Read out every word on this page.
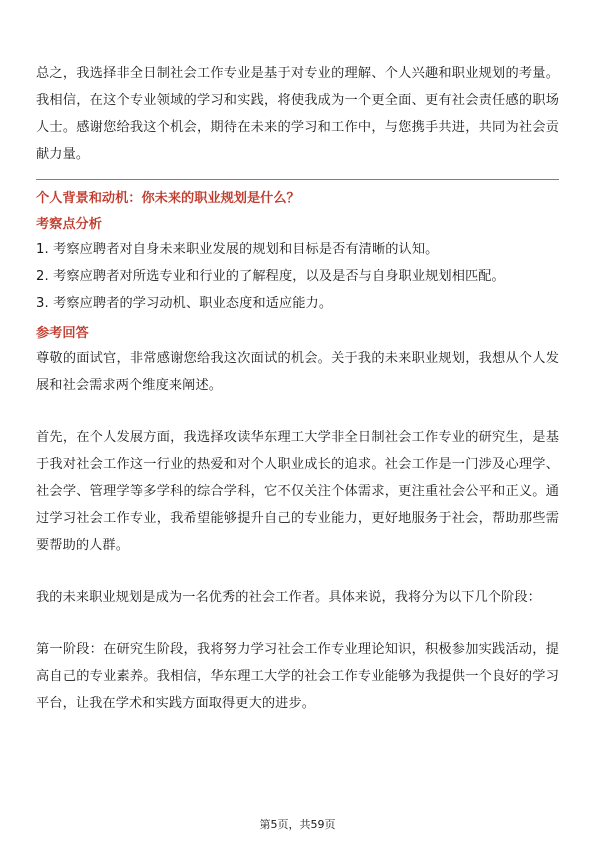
总之，我选择非全日制社会工作专业是基于对专业的理解、个人兴趣和职业规划的考量。我相信，在这个专业领域的学习和实践，将使我成为一个更全面、更有社会责任感的职场人士。感谢您给我这个机会，期待在未来的学习和工作中，与您携手共进，共同为社会贡献力量。

个人背景和动机：你未来的职业规划是什么？
考察点分析

1. 考察应聘者对自身未来职业发展的规划和目标是否有清晰的认知。

2. 考察应聘者对所选专业和行业的了解程度，以及是否与自身职业规划相匹配。

3. 考察应聘者的学习动机、职业态度和适应能力。

参考回答

尊敬的面试官，非常感谢您给我这次面试的机会。关于我的未来职业规划，我想从个人发展和社会需求两个维度来阐述。

首先，在个人发展方面，我选择攻读华东理工大学非全日制社会工作专业的研究生，是基于我对社会工作这一行业的热爱和对个人职业成长的追求。社会工作是一门涉及心理学、社会学、管理学等多学科的综合学科，它不仅关注个体需求，更注重社会公平和正义。通过学习社会工作专业，我希望能够提升自己的专业能力，更好地服务于社会，帮助那些需要帮助的人群。

我的未来职业规划是成为一名优秀的社会工作者。具体来说，我将分为以下几个阶段：

第一阶段：在研究生阶段，我将努力学习社会工作专业理论知识，积极参加实践活动，提高自己的专业素养。我相信，华东理工大学的社会工作专业能够为我提供一个良好的学习平台，让我在学术和实践方面取得更大的进步。

第5页，共59页
